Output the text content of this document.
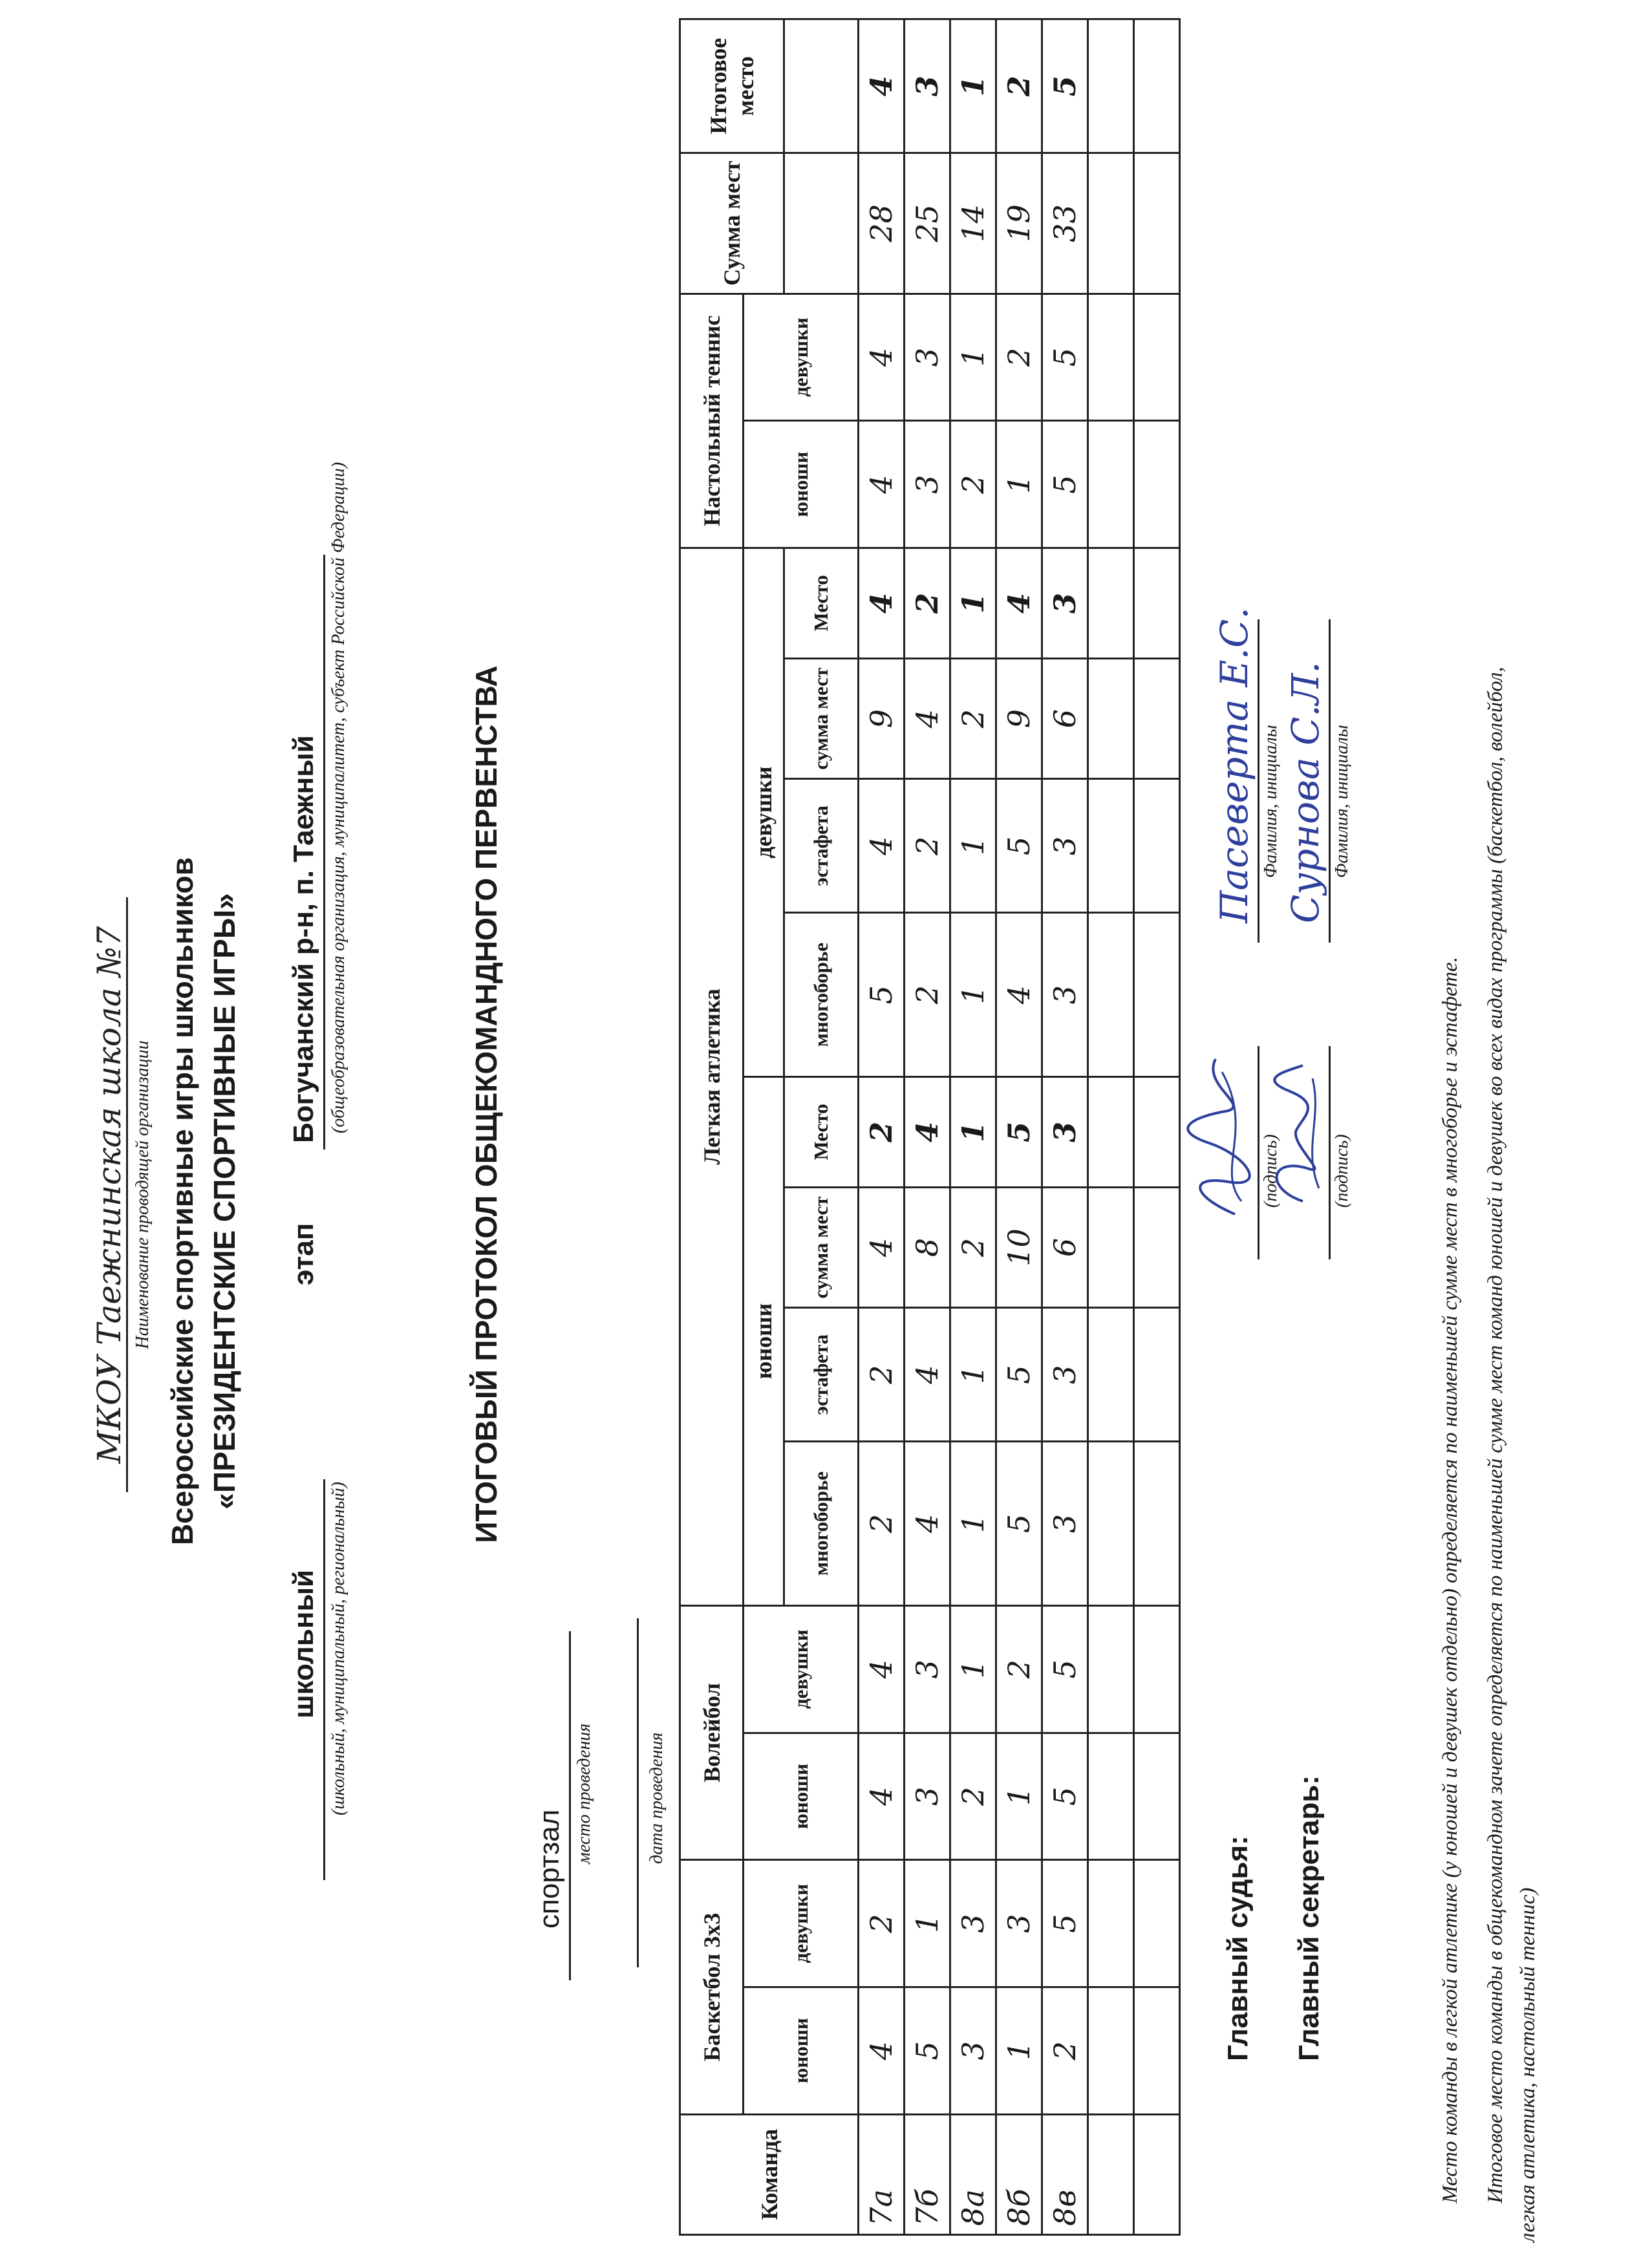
МКОУ Таежнинская школа №7 Наименование проводящей организации Всероссийские спортивные игры школьников «ПРЕЗИДЕНТСКИЕ СПОРТИВНЫЕ ИГРЫ»
школьный (школьный, муниципальный, региональный)
этап
Богучанский р-н, п. Таежный (общеобразовательная организация, муниципалитет, субъект Российской Федерации)	ИТОГОВЫЙ ПРОТОКОЛ ОБЩЕКОМАНДНОГО ПЕРВЕНСТВА
спортзал
место проведения	дата проведения
Команда	Баскетбол 3х3		Волейбол		Легкая атлетика								Настольный теннис		Сумма мест	Итоговое место
	юноши	девушки	юноши	девушки	юноши				девушки				юноши	девушки		
					многоборье	эстафета	сумма мест	Место	многоборье	эстафета	сумма мест	Место				
7а	4	2	4	4	2	2	4	2	5	4	9	4	4	4	28	4
7б	5	1	3	3	4	4	8	4	2	2	4	2	3	3	25	3
8а	3	3	2	1	1	1	2	1	1	1	2	1	2	1	14	1
8б	1	3	1	2	5	5	10	5	4	5	9	4	1	2	19	2
8в	2	5	5	5	3	3	6	3	3	3	6	3	5	5	33	5

Главный судья:
(подпись)
Пасеверта Е.С. Фамилия, инициалы
Главный секретарь:
(подпись)
Сурнова С.Л. Фамилия, инициалы
Место команды в легкой атлетике (у юношей и девушек отдельно) определяется по наименьшей сумме мест в многоборье и эстафете. Итоговое место команды в общекомандном зачете определяется по наименьшей сумме мест команд юношей и девушек во всех видах программы (баскетбол, волейбол, легкая атлетика, настольный теннис)
